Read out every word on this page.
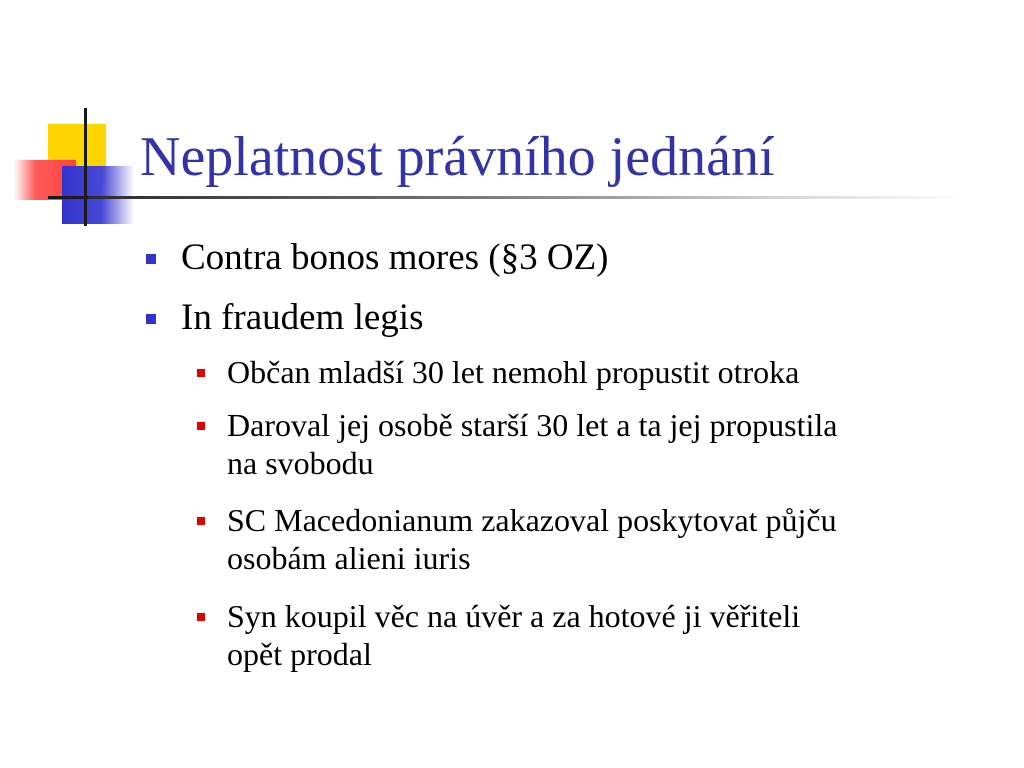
Neplatnost právního jednání
Contra bonos mores (§3 OZ)
In fraudem legis
Občan mladší 30 let nemohl propustit otroka
Daroval jej osobě starší 30 let a ta jej propustila
na svobodu
SC Macedonianum zakazoval poskytovat půjču
osobám alieni iuris
Syn koupil věc na úvěr a za hotové ji věřiteli
opět prodal
